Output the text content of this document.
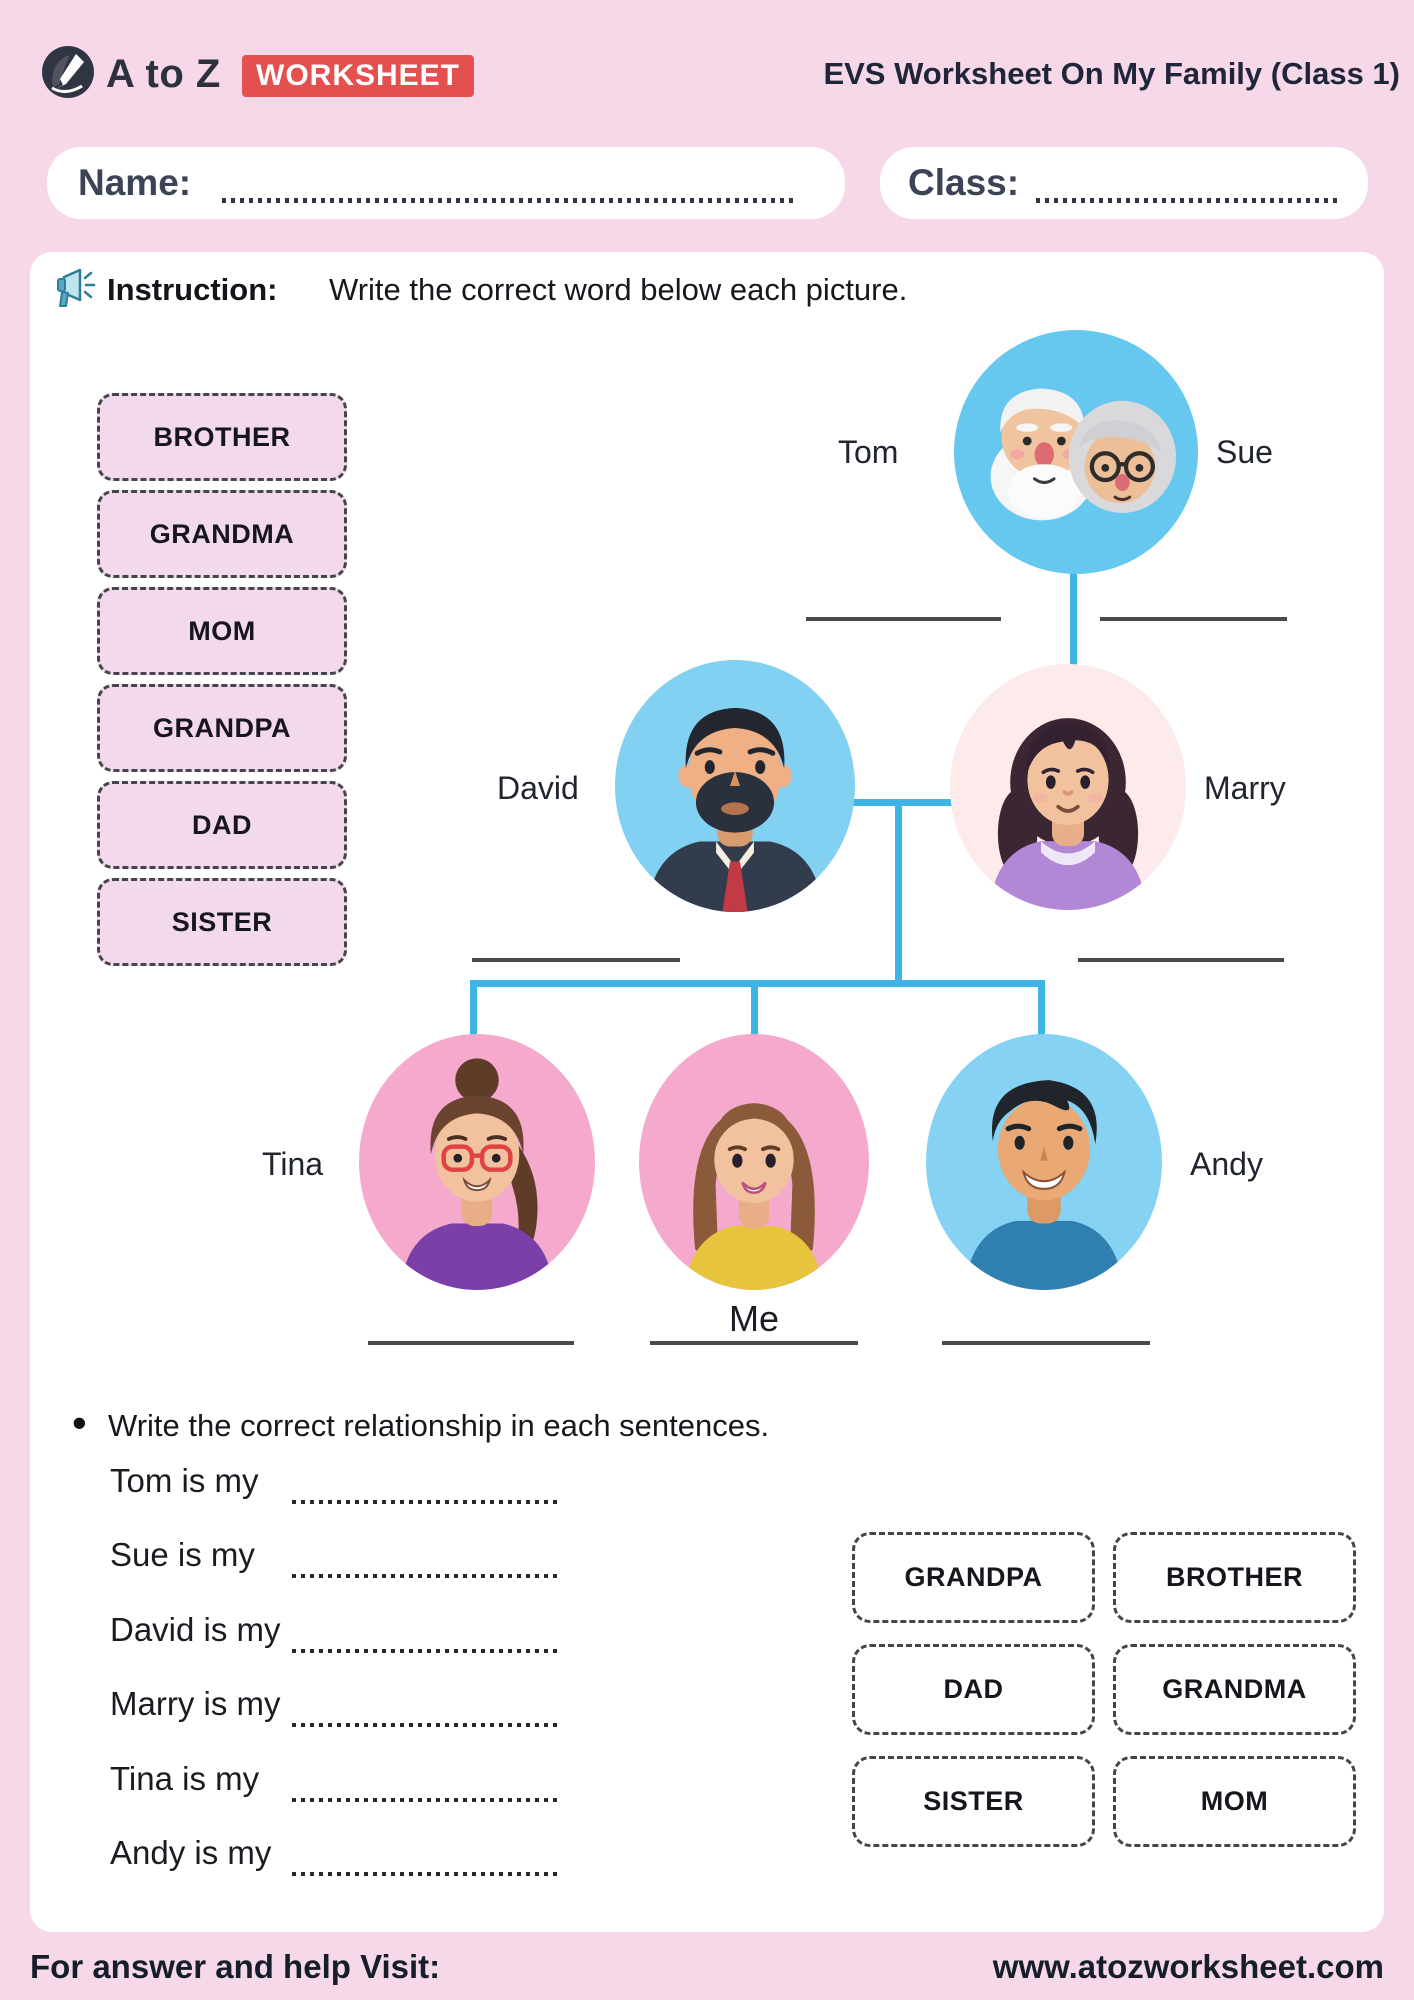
A to Z	WORKSHEET	EVS Worksheet On My Family (Class 1)
Name:	Class:
Instruction: Write the correct word below each picture.
BROTHER
GRANDMA
MOM
GRANDPA
DAD
SISTER
Tom	Sue
David	Marry
Tina	Andy
Me
• Write the correct relationship in each sentences.
Tom is my
Sue is my
David is my
Marry is my
Tina is my
Andy is my
GRANDPA	BROTHER
DAD	GRANDMA
SISTER	MOM
For answer and help Visit:	www.atozworksheet.com
